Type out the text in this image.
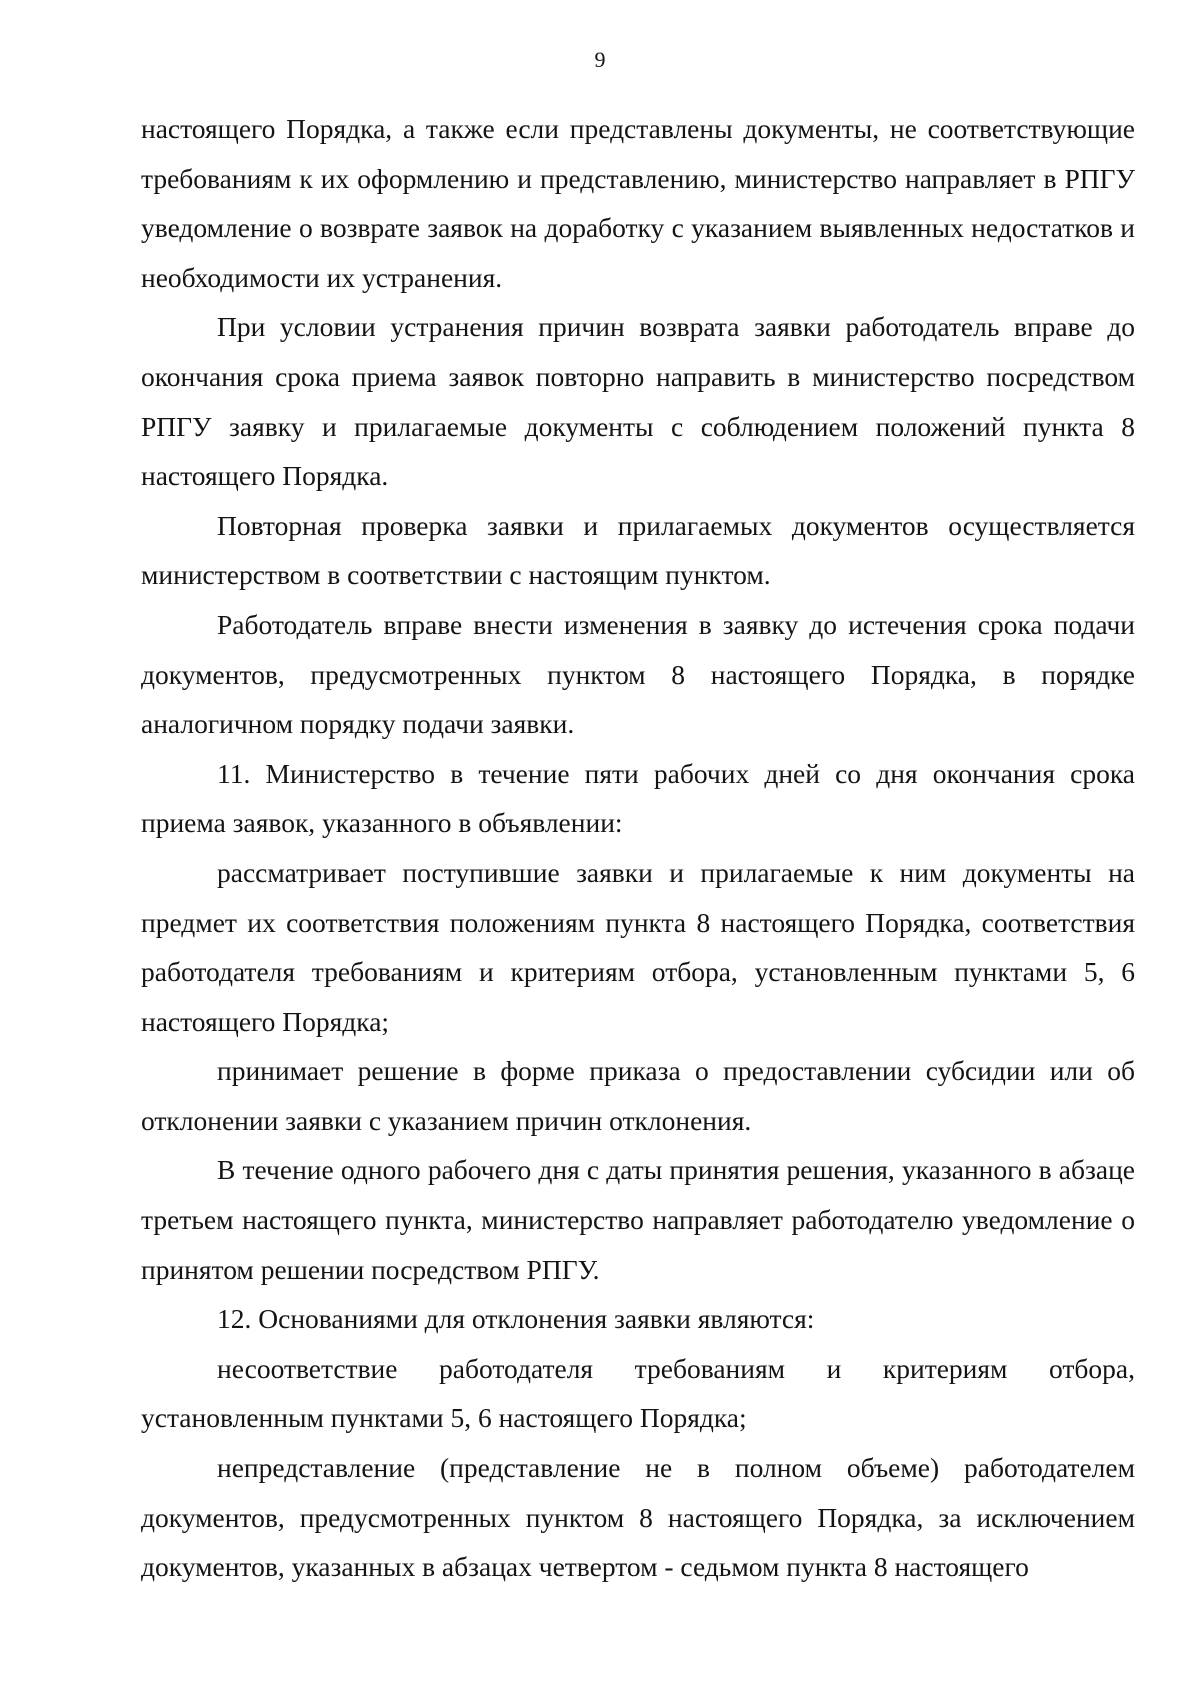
9

настоящего Порядка, а также если представлены документы, не соответствующие требованиям к их оформлению и представлению, министерство направляет в РПГУ уведомление о возврате заявок на доработку с указанием выявленных недостатков и необходимости их устранения.

При условии устранения причин возврата заявки работодатель вправе до окончания срока приема заявок повторно направить в министерство посредством РПГУ заявку и прилагаемые документы с соблюдением положений пункта 8 настоящего Порядка.

Повторная проверка заявки и прилагаемых документов осуществляется министерством в соответствии с настоящим пунктом.

Работодатель вправе внести изменения в заявку до истечения срока подачи документов, предусмотренных пунктом 8 настоящего Порядка, в порядке аналогичном порядку подачи заявки.

11. Министерство в течение пяти рабочих дней со дня окончания срока приема заявок, указанного в объявлении:

рассматривает поступившие заявки и прилагаемые к ним документы на предмет их соответствия положениям пункта 8 настоящего Порядка, соответствия работодателя требованиям и критериям отбора, установленным пунктами 5, 6 настоящего Порядка;

принимает решение в форме приказа о предоставлении субсидии или об отклонении заявки с указанием причин отклонения.

В течение одного рабочего дня с даты принятия решения, указанного в абзаце третьем настоящего пункта, министерство направляет работодателю уведомление о принятом решении посредством РПГУ.

12. Основаниями для отклонения заявки являются:

несоответствие работодателя требованиям и критериям отбора, установленным пунктами 5, 6 настоящего Порядка;

непредставление (представление не в полном объеме) работодателем документов, предусмотренных пунктом 8 настоящего Порядка, за исключением документов, указанных в абзацах четвертом - седьмом пункта 8 настоящего
